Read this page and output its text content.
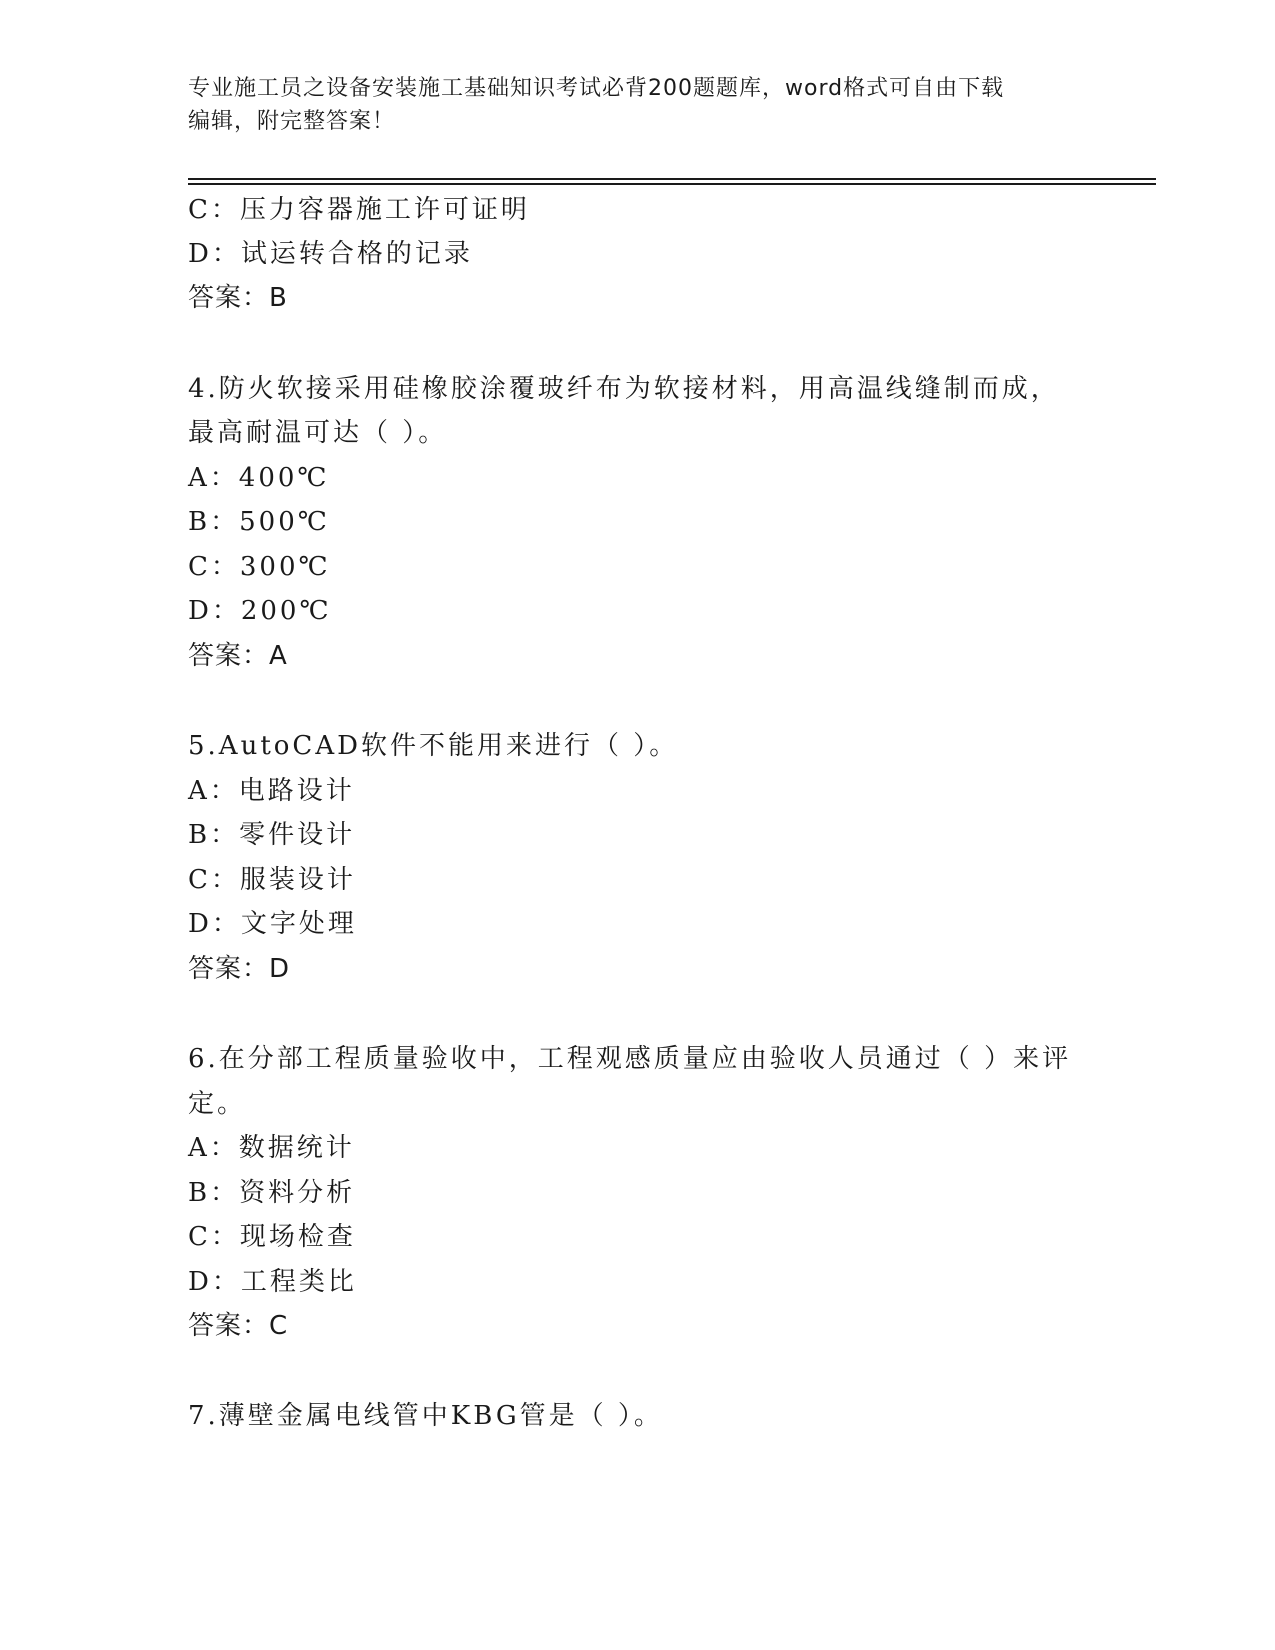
专业施工员之设备安装施工基础知识考试必背200题题库，word格式可自由下载
编辑，附完整答案！
C：压力容器施工许可证明
D：试运转合格的记录
答案：B
4.防火软接采用硅橡胶涂覆玻纤布为软接材料，用高温线缝制而成，
最高耐温可达（ ）。
A：400℃
B：500℃
C：300℃
D：200℃
答案：A
5.AutoCAD软件不能用来进行（ ）。
A：电路设计
B：零件设计
C：服装设计
D：文字处理
答案：D
6.在分部工程质量验收中，工程观感质量应由验收人员通过（ ）来评
定。
A：数据统计
B：资料分析
C：现场检查
D：工程类比
答案：C
7.薄壁金属电线管中KBG管是（ ）。
